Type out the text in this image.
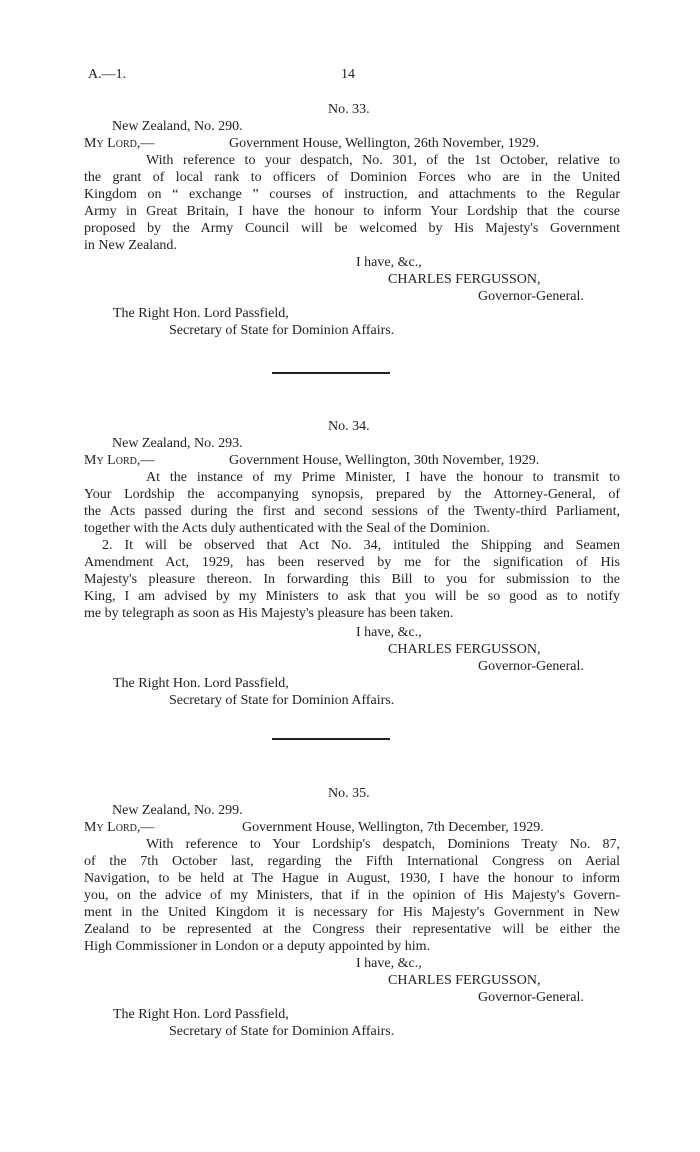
A.—1.	14
No. 33.
New Zealand, No. 290.
My Lord,—	Government House, Wellington, 26th November, 1929.
With reference to your despatch, No. 301, of the 1st October, relative to
the grant of local rank to officers of Dominion Forces who are in the United
Kingdom on “ exchange ” courses of instruction, and attachments to the Regular
Army in Great Britain, I have the honour to inform Your Lordship that the course
proposed by the Army Council will be welcomed by His Majesty's Government
in New Zealand.
I have, &c.,
CHARLES FERGUSSON,
Governor-General.
The Right Hon. Lord Passfield,
Secretary of State for Dominion Affairs.
No. 34.
New Zealand, No. 293.
My Lord,—	Government House, Wellington, 30th November, 1929.
At the instance of my Prime Minister, I have the honour to transmit to
Your Lordship the accompanying synopsis, prepared by the Attorney-General, of
the Acts passed during the first and second sessions of the Twenty-third Parliament,
together with the Acts duly authenticated with the Seal of the Dominion.
2. It will be observed that Act No. 34, intituled the Shipping and Seamen
Amendment Act, 1929, has been reserved by me for the signification of His
Majesty's pleasure thereon. In forwarding this Bill to you for submission to the
King, I am advised by my Ministers to ask that you will be so good as to notify
me by telegraph as soon as His Majesty's pleasure has been taken.
I have, &c.,
CHARLES FERGUSSON,
Governor-General.
The Right Hon. Lord Passfield,
Secretary of State for Dominion Affairs.
No. 35.
New Zealand, No. 299.
My Lord,—	Government House, Wellington, 7th December, 1929.
With reference to Your Lordship's despatch, Dominions Treaty No. 87,
of the 7th October last, regarding the Fifth International Congress on Aerial
Navigation, to be held at The Hague in August, 1930, I have the honour to inform
you, on the advice of my Ministers, that if in the opinion of His Majesty's Govern-
ment in the United Kingdom it is necessary for His Majesty's Government in New
Zealand to be represented at the Congress their representative will be either the
High Commissioner in London or a deputy appointed by him.
I have, &c.,
CHARLES FERGUSSON,
Governor-General.
The Right Hon. Lord Passfield,
Secretary of State for Dominion Affairs.
